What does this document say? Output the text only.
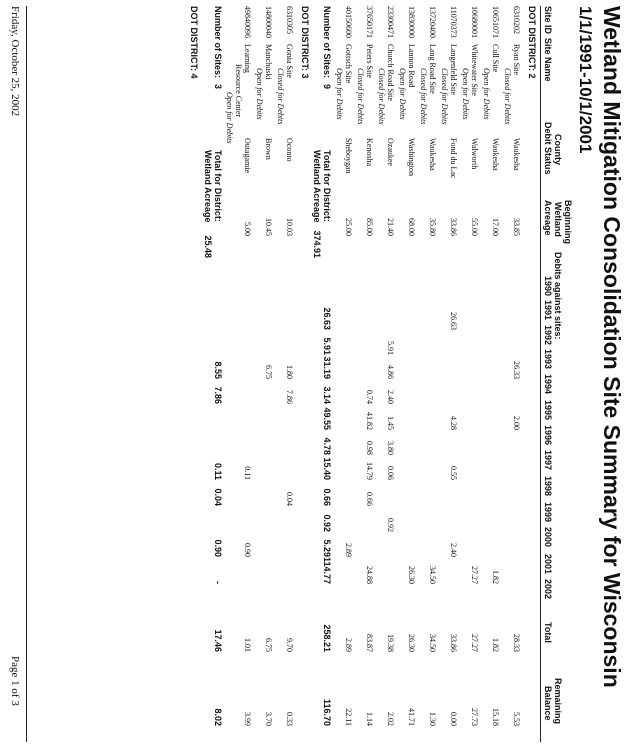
Wetland Mitigation Consolidation Site Summary for Wisconsin
1/1/1991-10/1/2001
Site ID
Site Name
County
Debit Status
Beginning
Wetland
Acreage
Debits against sites:
1990
1991
1992
1993
1994
1995
1996
1997
1998
1999
2000
2001
2002
Total
Remaining
Balance
DOT DISTRICT: 2
6310202
Ryan Site
Waukesha
33.85
26.33
2.00
28.33
5.53
Closed for Debits
10651071
Cull Site
Waukesha
17.00
1.82
1.82
15.18
Open for Debits
10680001
Whitewater Site
Walworth
55.00
27.27
27.27
27.73
Open for Debits
11070373
Langenfeld Site
Fond du Lac
33.86
26.63
4.28
0.55
2.40
33.86
0.00
Closed for Debits
13720400
Lang Road Site
Waukesha
35.80
34.50
34.50
1.30
Closed for Debits
13830000
Lannon Road
Washington
68.00
26.30
26.30
41.71
Open for Debits
23300471
Church Road Site
Ozaukee
21.40
5.91
4.86
2.40
1.45
3.80
0.06
0.92
19.38
2.02
Closed for Debits
37650171
Peters Site
Kenosha
85.00
0.74
41.82
0.98
14.79
0.66
24.88
83.87
1.14
Closed for Debits
40150600
Gottsch Site
Sheboygan
25.00
2.89
2.89
22.11
Open for Debits
Number of Sites:
9
Total for District:
26.63
5.91
31.19
3.14
49.55
4.78
15.40
0.66
0.92
5.29
114.77
258.21
116.70
Wetland Acreage
374.91
DOT DISTRICT: 3
6310305
Gonia Site
Oconto
10.03
1.80
7.86
0.04
9.70
0.33
Closed for Debits
14800040
Manchuski
Brown
10.45
6.75
6.75
3.70
Open for Debits
49840096
Learning
Outagamie
5.00
0.11
0.90
1.01
3.99
Resource Center
Open for Debits
Number of Sites:
3
Total for District:
8.55
7.86
0.11
0.04
0.90
-
17.46
8.02
Wetland Acreage
25.48
DOT DISTRICT: 4
Friday, October 25, 2002
Page 1 of 3
